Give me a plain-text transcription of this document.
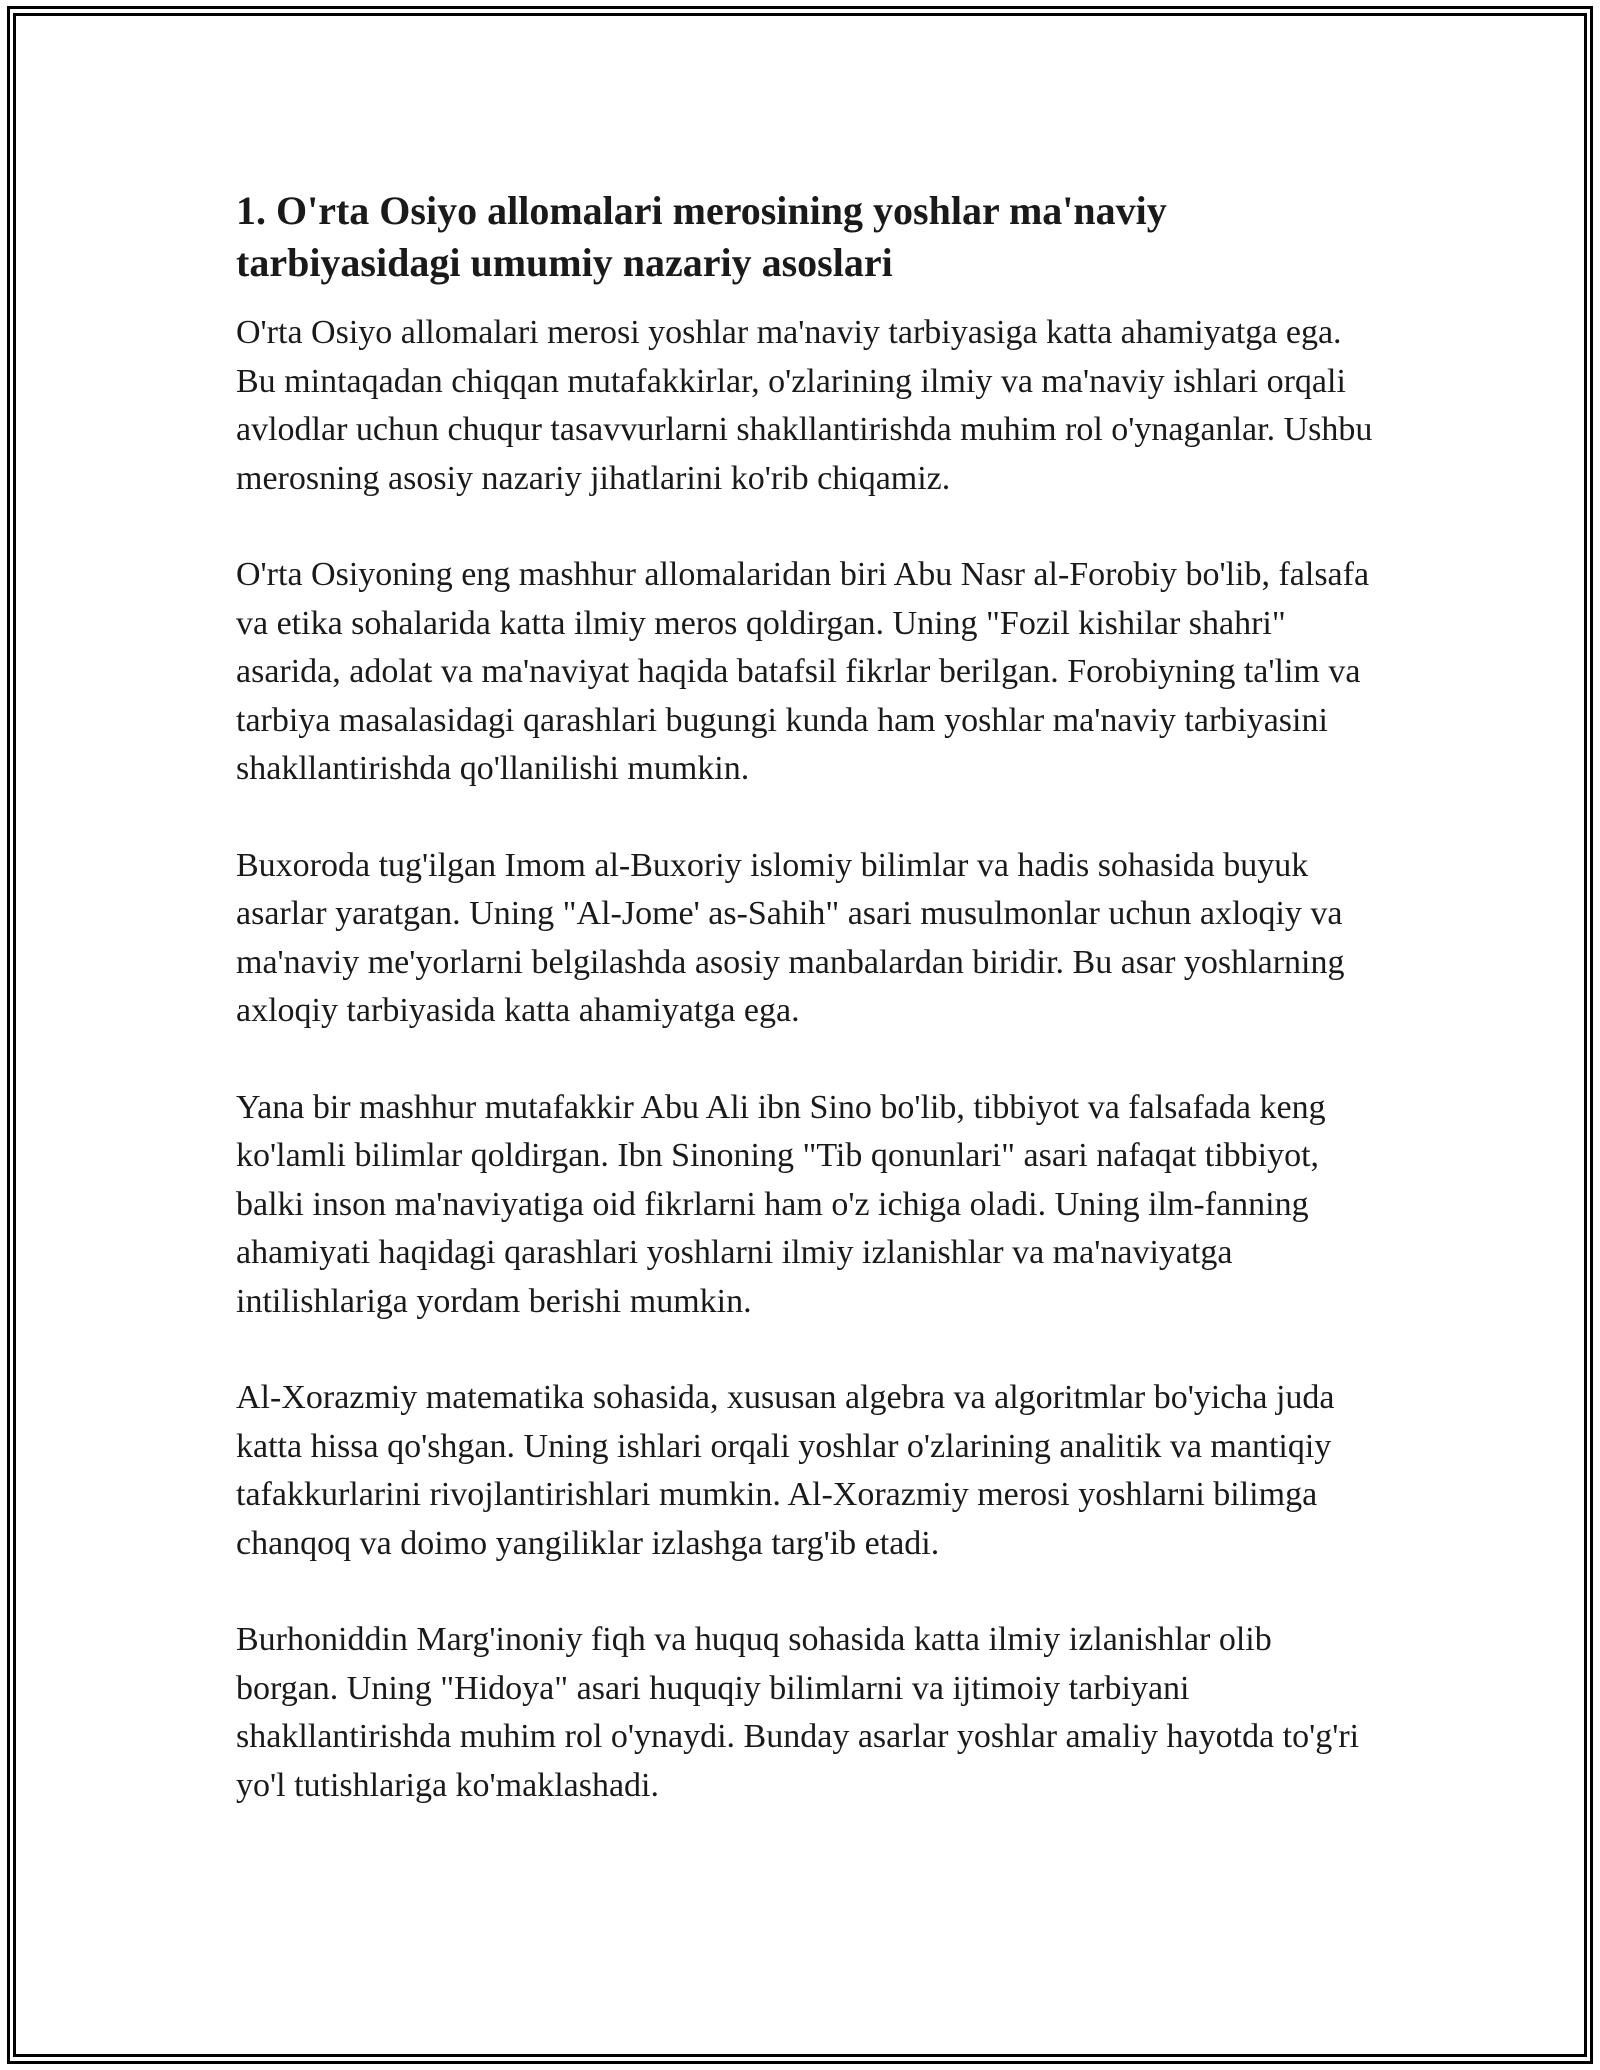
1. O'rta Osiyo allomalari merosining yoshlar ma'naviy tarbiyasidagi umumiy nazariy asoslari

O'rta Osiyo allomalari merosi yoshlar ma'naviy tarbiyasiga katta ahamiyatga ega. Bu mintaqadan chiqqan mutafakkirlar, o'zlarining ilmiy va ma'naviy ishlari orqali avlodlar uchun chuqur tasavvurlarni shakllantirishda muhim rol o'ynaganlar. Ushbu merosning asosiy nazariy jihatlarini ko'rib chiqamiz.

O'rta Osiyoning eng mashhur allomalaridan biri Abu Nasr al-Forobiy bo'lib, falsafa va etika sohalarida katta ilmiy meros qoldirgan. Uning "Fozil kishilar shahri" asarida, adolat va ma'naviyat haqida batafsil fikrlar berilgan. Forobiyning ta'lim va tarbiya masalasidagi qarashlari bugungi kunda ham yoshlar ma'naviy tarbiyasini shakllantirishda qo'llanilishi mumkin.

Buxoroda tug'ilgan Imom al-Buxoriy islomiy bilimlar va hadis sohasida buyuk asarlar yaratgan. Uning "Al-Jome' as-Sahih" asari musulmonlar uchun axloqiy va ma'naviy me'yorlarni belgilashda asosiy manbalardan biridir. Bu asar yoshlarning axloqiy tarbiyasida katta ahamiyatga ega.

Yana bir mashhur mutafakkir Abu Ali ibn Sino bo'lib, tibbiyot va falsafada keng ko'lamli bilimlar qoldirgan. Ibn Sinoning "Tib qonunlari" asari nafaqat tibbiyot, balki inson ma'naviyatiga oid fikrlarni ham o'z ichiga oladi. Uning ilm-fanning ahamiyati haqidagi qarashlari yoshlarni ilmiy izlanishlar va ma'naviyatga intilishlariga yordam berishi mumkin.

Al-Xorazmiy matematika sohasida, xususan algebra va algoritmlar bo'yicha juda katta hissa qo'shgan. Uning ishlari orqali yoshlar o'zlarining analitik va mantiqiy tafakkurlarini rivojlantirishlari mumkin. Al-Xorazmiy merosi yoshlarni bilimga chanqoq va doimo yangiliklar izlashga targ'ib etadi.

Burhoniddin Marg'inoniy fiqh va huquq sohasida katta ilmiy izlanishlar olib borgan. Uning "Hidoya" asari huquqiy bilimlarni va ijtimoiy tarbiyani shakllantirishda muhim rol o'ynaydi. Bunday asarlar yoshlar amaliy hayotda to'g'ri yo'l tutishlariga ko'maklashadi.
